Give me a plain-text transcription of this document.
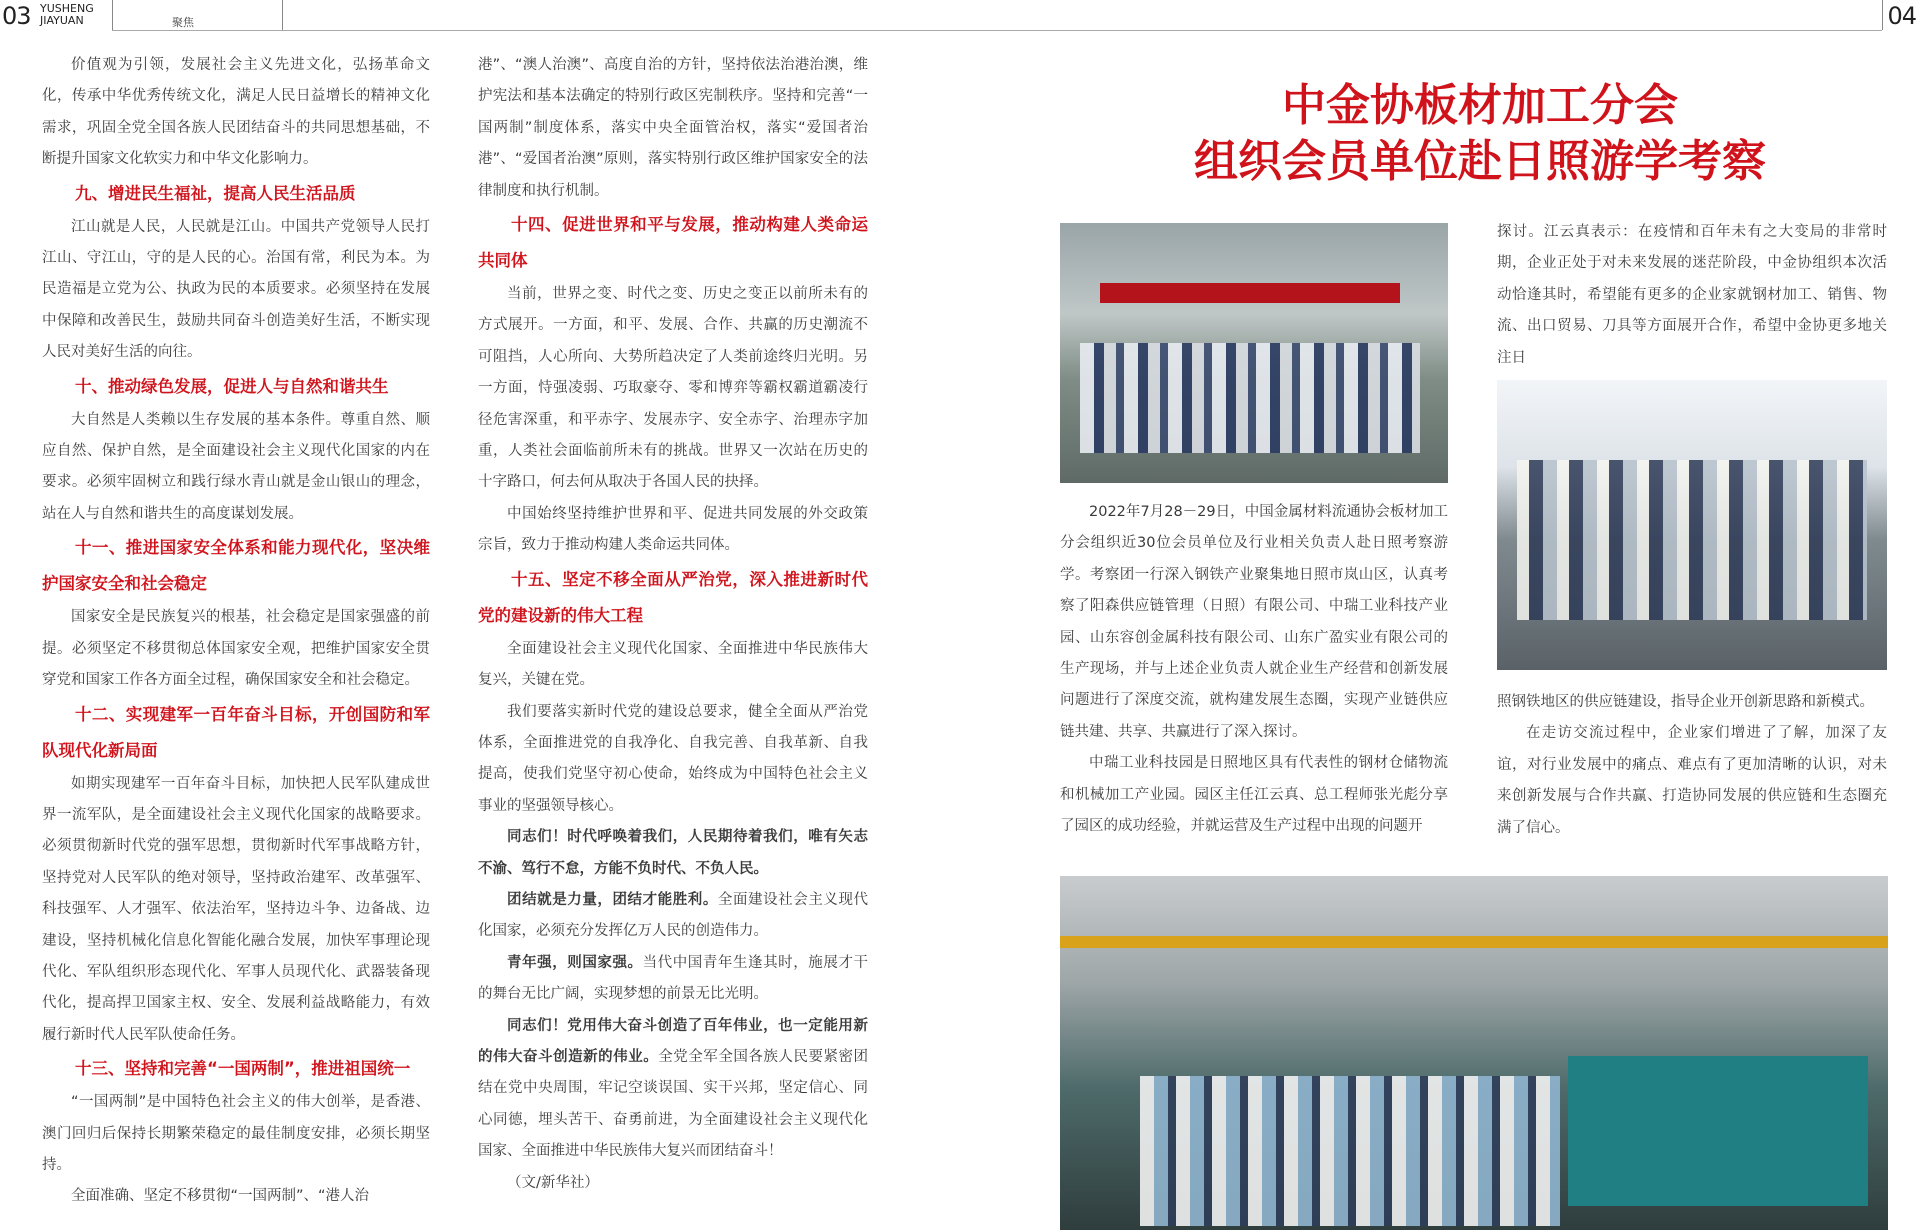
03 YUSHENG
JIAYUAN	聚焦	04

价值观为引领，发展社会主义先进文化，弘扬革命文化，传承中华优秀传统文化，满足人民日益增长的精神文化需求，巩固全党全国各族人民团结奋斗的共同思想基础，不断提升国家文化软实力和中华文化影响力。

九、增进民生福祉，提高人民生活品质

江山就是人民，人民就是江山。中国共产党领导人民打江山、守江山，守的是人民的心。治国有常，利民为本。为民造福是立党为公、执政为民的本质要求。必须坚持在发展中保障和改善民生，鼓励共同奋斗创造美好生活，不断实现人民对美好生活的向往。

十、推动绿色发展，促进人与自然和谐共生

大自然是人类赖以生存发展的基本条件。尊重自然、顺应自然、保护自然，是全面建设社会主义现代化国家的内在要求。必须牢固树立和践行绿水青山就是金山银山的理念，站在人与自然和谐共生的高度谋划发展。

十一、推进国家安全体系和能力现代化，坚决维护国家安全和社会稳定

国家安全是民族复兴的根基，社会稳定是国家强盛的前提。必须坚定不移贯彻总体国家安全观，把维护国家安全贯穿党和国家工作各方面全过程，确保国家安全和社会稳定。

十二、实现建军一百年奋斗目标，开创国防和军队现代化新局面

如期实现建军一百年奋斗目标，加快把人民军队建成世界一流军队，是全面建设社会主义现代化国家的战略要求。必须贯彻新时代党的强军思想，贯彻新时代军事战略方针，坚持党对人民军队的绝对领导，坚持政治建军、改革强军、科技强军、人才强军、依法治军，坚持边斗争、边备战、边建设，坚持机械化信息化智能化融合发展，加快军事理论现代化、军队组织形态现代化、军事人员现代化、武器装备现代化，提高捍卫国家主权、安全、发展利益战略能力，有效履行新时代人民军队使命任务。

十三、坚持和完善“一国两制”，推进祖国统一

“一国两制”是中国特色社会主义的伟大创举，是香港、澳门回归后保持长期繁荣稳定的最佳制度安排，必须长期坚持。

全面准确、坚定不移贯彻“一国两制”、“港人治

港”、“澳人治澳”、高度自治的方针，坚持依法治港治澳，维护宪法和基本法确定的特别行政区宪制秩序。坚持和完善“一国两制”制度体系，落实中央全面管治权，落实“爱国者治港”、“爱国者治澳”原则，落实特别行政区维护国家安全的法律制度和执行机制。

十四、促进世界和平与发展，推动构建人类命运共同体

当前，世界之变、时代之变、历史之变正以前所未有的方式展开。一方面，和平、发展、合作、共赢的历史潮流不可阻挡，人心所向、大势所趋决定了人类前途终归光明。另一方面，恃强凌弱、巧取豪夺、零和博弈等霸权霸道霸凌行径危害深重，和平赤字、发展赤字、安全赤字、治理赤字加重，人类社会面临前所未有的挑战。世界又一次站在历史的十字路口，何去何从取决于各国人民的抉择。

中国始终坚持维护世界和平、促进共同发展的外交政策宗旨，致力于推动构建人类命运共同体。

十五、坚定不移全面从严治党，深入推进新时代党的建设新的伟大工程

全面建设社会主义现代化国家、全面推进中华民族伟大复兴，关键在党。

我们要落实新时代党的建设总要求，健全全面从严治党体系，全面推进党的自我净化、自我完善、自我革新、自我提高，使我们党坚守初心使命，始终成为中国特色社会主义事业的坚强领导核心。

同志们！时代呼唤着我们，人民期待着我们，唯有矢志不渝、笃行不怠，方能不负时代、不负人民。

团结就是力量，团结才能胜利。全面建设社会主义现代化国家，必须充分发挥亿万人民的创造伟力。

青年强，则国家强。当代中国青年生逢其时，施展才干的舞台无比广阔，实现梦想的前景无比光明。

同志们！党用伟大奋斗创造了百年伟业，也一定能用新的伟大奋斗创造新的伟业。全党全军全国各族人民要紧密团结在党中央周围，牢记空谈误国、实干兴邦，坚定信心、同心同德，埋头苦干、奋勇前进，为全面建设社会主义现代化国家、全面推进中华民族伟大复兴而团结奋斗！

（文/新华社）

中金协板材加工分会
组织会员单位赴日照游学考察

2022年7月28－29日，中国金属材料流通协会板材加工分会组织近30位会员单位及行业相关负责人赴日照考察游学。考察团一行深入钢铁产业聚集地日照市岚山区，认真考察了阳森供应链管理（日照）有限公司、中瑞工业科技产业园、山东容创金属科技有限公司、山东广盈实业有限公司的生产现场，并与上述企业负责人就企业生产经营和创新发展问题进行了深度交流，就构建发展生态圈，实现产业链供应链共建、共享、共赢进行了深入探讨。

中瑞工业科技园是日照地区具有代表性的钢材仓储物流和机械加工产业园。园区主任江云真、总工程师张光彪分享了园区的成功经验，并就运营及生产过程中出现的问题开

探讨。江云真表示：在疫情和百年未有之大变局的非常时期，企业正处于对未来发展的迷茫阶段，中金协组织本次活动恰逢其时，希望能有更多的企业家就钢材加工、销售、物流、出口贸易、刀具等方面展开合作，希望中金协更多地关注日

照钢铁地区的供应链建设，指导企业开创新思路和新模式。

在走访交流过程中，企业家们增进了了解，加深了友谊，对行业发展中的痛点、难点有了更加清晰的认识，对未来创新发展与合作共赢、打造协同发展的供应链和生态圈充满了信心。
